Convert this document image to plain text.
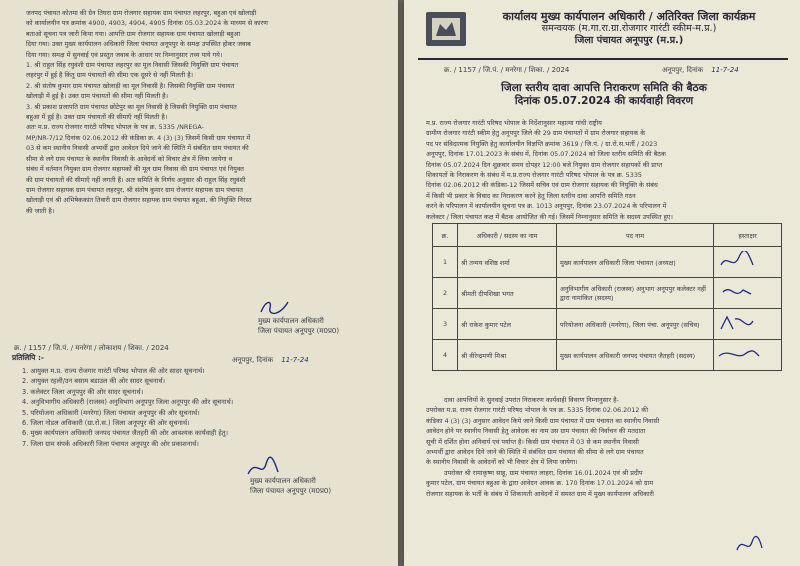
जनपद पंचायत कोतमा की ग्रेन तिघरा ग्राम रोजगार सहायक ग्राम पंचायत लहरपुर, बहुआ एवं खोलाड़ी

को कार्यालयीन पत्र क्रमांक 4900, 4903, 4904, 4905 दिनांक 05.03.2024 के माध्यम से कारण

बताओ सूचना पत्र जारी किया गया। आपत्ति ग्राम रोजगार सहायक ग्राम पंचायत खोलाड़ी बहुआ

दिया गया। उक्त मुख्य कार्यपालन अधिकारी जिला पंचायत अनूपपुर के समक्ष उपस्थित होकर जवाब

दिया गया। समक्ष में सुनवाई एवं प्रस्तुत जवाब के आधार पर निम्नानुसार तथ्य पाये गये।

1. श्री राहुल सिंह रघुवंशी ग्राम पंचायत लहरपुर का मूल निवासी जिसकी नियुक्ति ग्राम पंचायत

लहरपुर में हुई है किंतु ग्राम पंचायतों की सीमा एक दूसरे से नहीं मिलती है।

2. श्री संतोष कुमार ग्राम पंचायत खोलाड़ी का मूल निवासी है। जिसकी नियुक्ति ग्राम पंचायत

खोलाड़ी में हुई है। उक्त ग्राम पंचायतों की सीमा नहीं मिलती है।

3. श्री प्रकाश प्रजापति ग्राम पंचायत छोटेपुर का मूल निवासी है जिसकी नियुक्ति ग्राम पंचायत

बहुआ में हुई है। उक्त ग्राम पंचायतों की सीमाएँ नहीं मिलती है।

अतः म.प्र. राज्य रोजगार गारंटी परिषद भोपाल के पत्र क्र. 5335 /NREGA-

MP/NR-7/12 दिनांक 02.06.2012 की कंडिका क्र. 4 (3) (3) जिसमें किसी ग्राम पंचायत में

03 से कम स्थानीय निवासी अभ्यर्थी द्वारा आवेदन दिये जाने की स्थिति में संबंधित ग्राम पंचायत की

सीमा से लगे ग्राम पंचायत के स्थानीय निवासी के आवेदनों को विचार क्षेत्र में लिया जायेगा व

संबंध में वर्तमान नियुक्त ग्राम रोजगार सहायकों की मूल ग्राम निवास की ग्राम पंचायत एवं नियुक्त

की ग्राम पंचायतों की सीमाएँ नहीं लगती हैं। अतः समिति के निर्णय अनुसार श्री राहुल सिंह रघुवंशी

ग्राम रोजगार सहायक ग्राम पंचायत लहरपुर, श्री संतोष कुमार ग्राम रोजगार सहायक ग्राम पंचायत

खोलाड़ी एवं श्री अभिषेककांत तिवारी ग्राम रोजगार सहायक ग्राम पंचायत बहुआ, की नियुक्ति निरस्त

की जाती है।

मुख्य कार्यपालन अधिकारी
जिला पंचायत अनूपपुर (म0प्र0)
क्र. / 1157 / जि.पं. / मनरेगा / लोकाशय / शिका. / 2024
अनूपपुर, दिनांक 11-7-24
प्रतिलिपि :-
1. आयुक्त म.प्र. राज्य रोजगार गारंटी परिषद भोपाल की ओर सादर सूचनार्थ।
2. आयुक्त रहली/उन बसाम बडाउल की ओर सादर सूचनार्थ।
3. कलेक्टर जिला अनूपपुर की ओर सादर सूचनार्थ।
4. अनुविभागीय अधिकारी (राजस्व) अनुविभाग अनूपपुर जिला अनूपपुर की ओर सूचनार्थ।
5. परियोजना अधिकारी (मनरेगा) जिला पंचायत अनूपपुर की ओर सूचनार्थ।
6. जिला नोडल अधिकारी (ग्रा.रो.स.) जिला अनूपपुर की ओर सूचनार्थ।
6. मुख्य कार्यपालन अधिकारी जनपद पंचायत जैतहरी की ओर आवश्यक कार्यवाही हेतु।
7. जिला ग्राम संपर्क अधिकारी जिला पंचायत अनूपपुर की ओर प्रकाशनार्थ।
मुख्य कार्यपालन अधिकारी
जिला पंचायत अनूपपुर (म0प्र0)
कार्यालय मुख्य कार्यपालन अधिकारी / अतिरिक्त जिला कार्यक्रम
समन्वयक (म.गा.रा.ग्रा.रोजगार गारंटी स्कीम-म.प्र.)
जिला पंचायत अनूपपुर (म.प्र.)
क्र. / 1157 / जि.पं. / मनरेगा / शिका. / 2024	अनूपपुर, दिनांक 11-7-24
जिला स्तरीय दावा आपत्ति निराकरण समिति की बैठक
दिनांक 05.07.2024 की कार्यवाही विवरण

म.प्र. राज्य रोजगार गारंटी परिषद भोपाल के निर्देशानुसार महात्मा गांधी राष्ट्रीय

ग्रामीण रोजगार गारंटी स्कीम हेतु अनूपपुर जिले की 29 ग्राम पंचायतों में ग्राम रोजगार सहायक के

पद पर संविदात्मक नियुक्ति हेतु कार्यालयीन विज्ञप्ति क्रमांक 3619 / जि.पं. / ग्रा.रो.स.भर्ती / 2023

अनूपपुर, दिनांक 17.01.2023 के संबंध में, दिनांक 05.07.2024 को जिला स्तरीय समिति की बैठक

दिनांक 05.07.2024 दिन शुक्रवार समय दोपहर 12:00 बजे नियुक्त ग्राम रोजगार सहायकों की प्राप्त

शिकायतों के निराकरण के संबंध में म.प्र.राज्य रोजगार गारंटी परिषद भोपाल के पत्र क्र. 5335

दिनांक 02.06.2012 की कंडिका-12 जिसमें सचिव एवं ग्राम रोजगार सहायक की नियुक्ति के संबंध

में किसी भी प्रकार के विवाद का निराकरण करने हेतु जिला स्तरीय दावा आपत्ति समिति गठन

करने के परिपालन में कार्यालयीन सूचना पत्र क्र. 1013 अनूपपुर, दिनांक 23.07.2024 के परिपालन में

कलेक्टर / जिला पंचायत कक्ष में बैठक आयोजित की गई। जिसमें निम्नानुसार समिति के सदस्य उपस्थित हुए।

क्र.	अधिकारी / सदस्य का नाम	पद नाम	हस्ताक्षर
1	श्री तन्मय वशिष्ठ शर्मा	मुख्य कार्यपालन अधिकारी जिला पंचायत (अध्यक्ष)	
2	श्रीमती दीपशिखा भगत	अनुविभागीय अधिकारी (राजस्व) अनुभाग अनूपपुर कलेक्टर नहीं द्वारा नामांकित (सदस्य)	
3	श्री राकेश कुमार पटेल	परियोजना अधिकारी (मनरेगा), जिला पंचा. अनूपपुर (सचिव)	
4	श्री वीरेन्द्रमणी मिश्रा	मुख्य कार्यपालन अधिकारी जनपद पंचायत जैतहरी (सदस्य)	

दावा आपत्तियों के सुनवाई उपरांत निराकरण कार्यवाही विवरण निम्नानुसार है-

उपरोक्त म.प्र. राज्य रोजगार गारंटी परिषद भोपाल के पत्र क्र. 5335 दिनांक 02.06.2012 की

कंडिका 4 (3) (3) अनुसार आवेदन किये जाने किसी ग्राम पंचायत में ग्राम पंचायत का स्थानीय निवासी

आवेदन होने पर स्थानीय निवासी हेतु आवेदक का नाम उस ग्राम पंचायत की निर्वाचन की मतदाता

सूची में दर्शित होना अनिवार्य एवं पर्याप्त है। किसी ग्राम पंचायत में 03 से कम स्थानीय निवासी

अभ्यर्थी द्वारा आवेदन दिये जाने की स्थिति में संबंधित ग्राम पंचायत की सीमा से लगे ग्राम पंचायत

के स्थानीय निवासी के आवेदनों को भी विचार क्षेत्र में लिया जायेगा।

उपरोक्त श्री रामाकृष्ण साहू, ग्राम पंचायत लाहरा, दिनांक 16.01.2024 एवं श्री प्रदीप

कुमार पटेल, ग्राम पंचायत बहुआ के द्वारा आवेदन आवक क्र. 170 दिनांक 17.01.2024 को ग्राम

रोजगार सहायक के भर्ती के संबंध में शिकायती आवेदनों में समस्त ग्राम में मुख्य कार्यपालन अधिकारी
